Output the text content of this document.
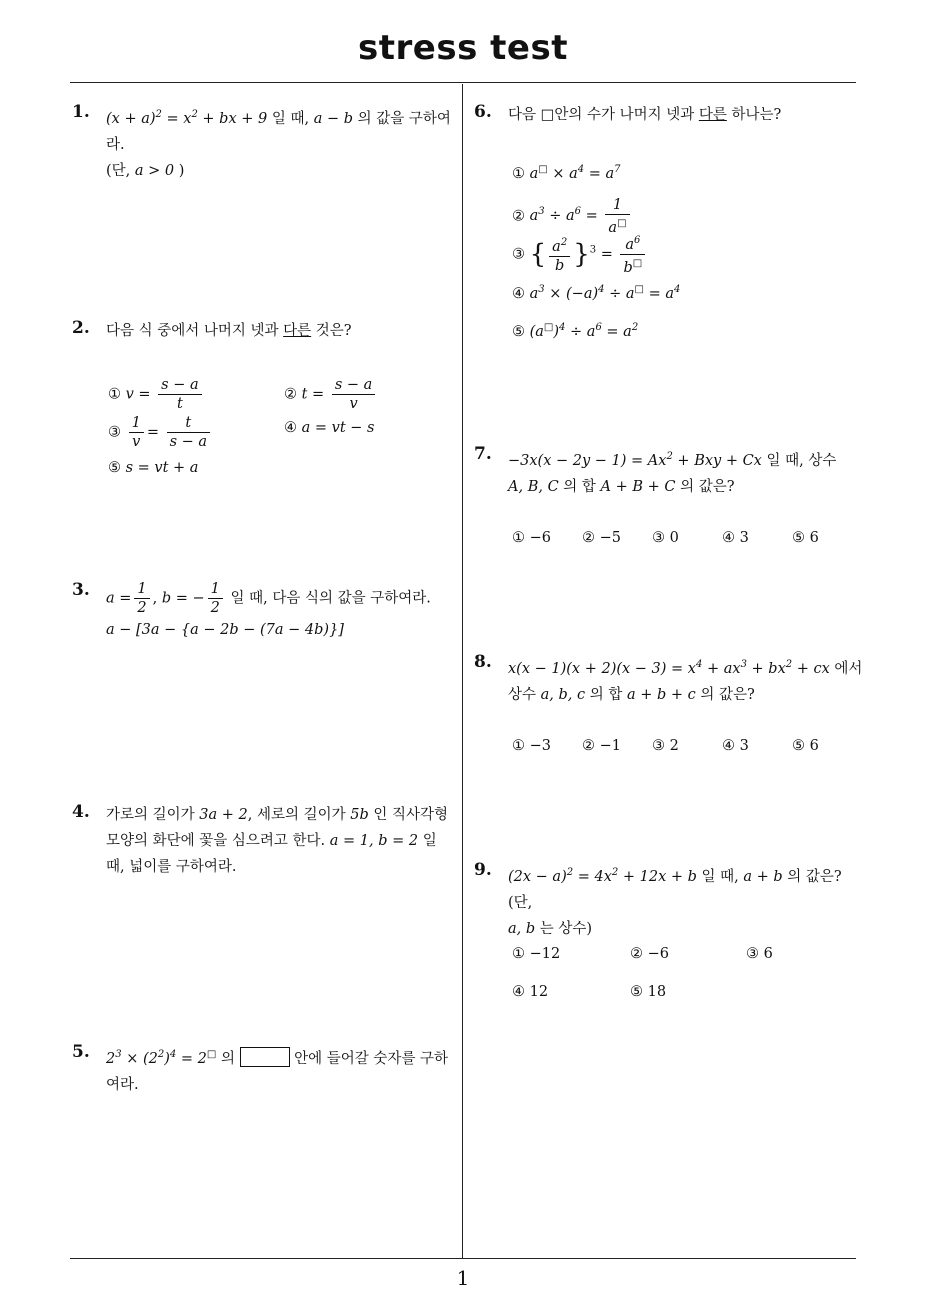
stress test
1
1. $(x + a)^2 = x^2$ + bx + 9 일 때, a − b 의 값을 구하여라.
(단, a > 0 )
2. 다음 식 중에서 나머지 넷과 다른 것은?
① $v = \frac{s - a}{t}$	② $t = \frac{s - a}{v}$
③ $\frac{1}{v} = \frac{t}{s - a}$	④ a = vt − s
⑤ s = vt + a
3. $a = \frac{1}{2}$ , b = − $\frac{1}{2}$ 일 때, 다음 식의 값을 구하여라.
a − [3a − {a − 2b − (7a − 4b)}]
4. 가로의 길이가 3a + 2, 세로의 길이가 5b 인 직사각형
모양의 화단에 꽃을 심으려고 한다. a = 1, b = 2 일
때, 넓이를 구하여라.
5. $2^3 \times (2^2)^4 = 2^□$ 의	안에 들어갈 숫자를 구하
여라.
6. 다음 □안의 수가 나머지 넷과 다른 하나는?
① $a^□ \times a^4 = a^7$
② $a^3 \div a^6 = \frac{1}{a^□}$
③ { $\frac{a^2}{b} \}^3 = \frac{a^6}{b^□}$
④ $a^3 \times (-a)^4 \div a^□ = a^4$
⑤ $(a^□)^4 \div a^6 = a^2$
7. $-3x(x - 2y - 1) = Ax^2$ + Bxy + Cx 일 때, 상수
A, B, C 의 합 A + B + C 의 값은?
① −6 ② −5 ③ 0	④ 3	⑤ 6
8. $x(x - 1)(x + 2)(x - 3) = x^4 + ax^3 + bx^2$ + cx 에서
상수 a, b, c 의 합 a + b + c 의 값은?
① −3 ② −1 ③ 2	④ 3	⑤ 6
9. $(2x - a)^2 = 4x^2 + 12x + b$ 일 때, a + b 의 값은?(단,
a, b 는 상수)
① −12	② −6	③ 6
④ 12	⑤ 18
